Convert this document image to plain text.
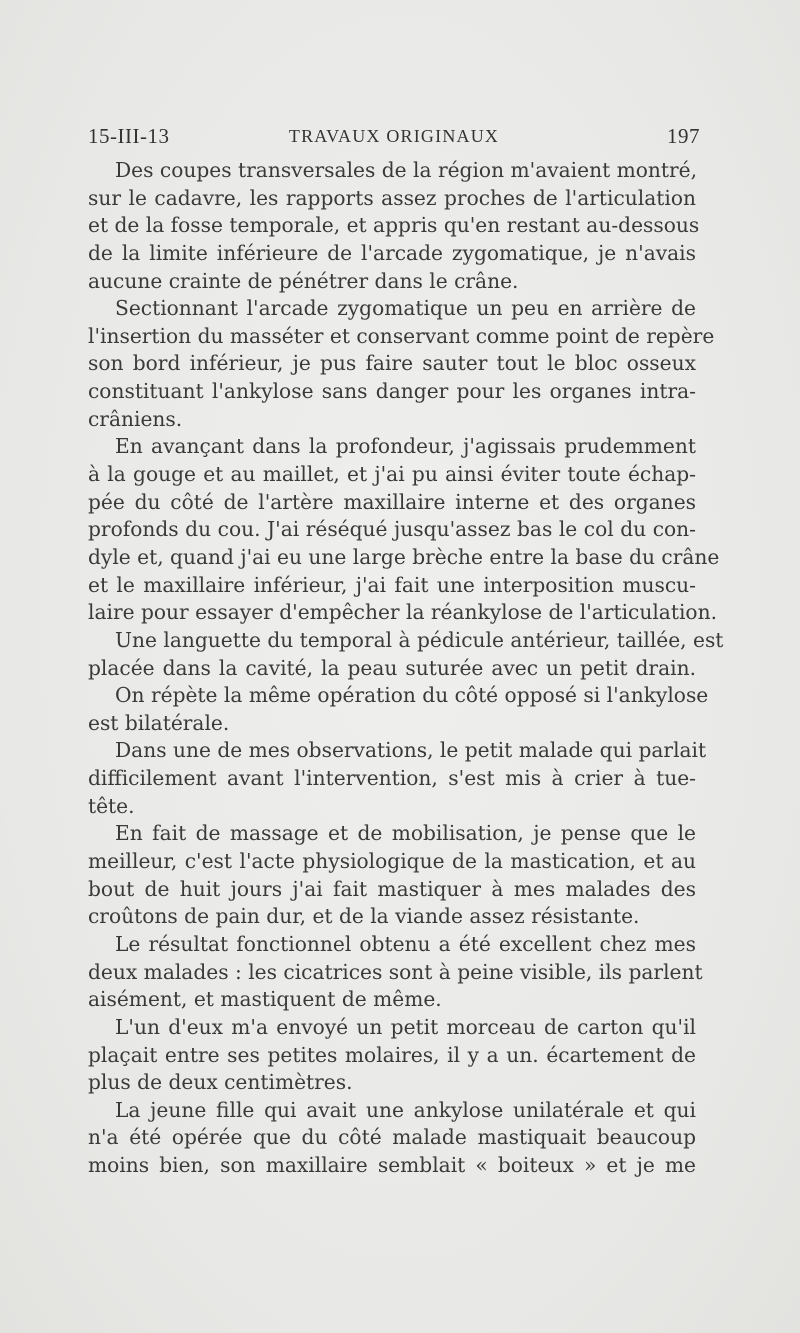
15-III-13	TRAVAUX ORIGINAUX	197
Des coupes transversales de la région m'avaient montré,
sur le cadavre, les rapports assez proches de l'articulation
et de la fosse temporale, et appris qu'en restant au-dessous
de la limite inférieure de l'arcade zygomatique, je n'avais
aucune crainte de pénétrer dans le crâne.
Sectionnant l'arcade zygomatique un peu en arrière de
l'insertion du masséter et conservant comme point de repère
son bord inférieur, je pus faire sauter tout le bloc osseux
constituant l'ankylose sans danger pour les organes intra-
crâniens.
En avançant dans la profondeur, j'agissais prudemment
à la gouge et au maillet, et j'ai pu ainsi éviter toute échap-
pée du côté de l'artère maxillaire interne et des organes
profonds du cou. J'ai réséqué jusqu'assez bas le col du con-
dyle et, quand j'ai eu une large brèche entre la base du crâne
et le maxillaire inférieur, j'ai fait une interposition muscu-
laire pour essayer d'empêcher la réankylose de l'articulation.
Une languette du temporal à pédicule antérieur, taillée, est
placée dans la cavité, la peau suturée avec un petit drain.
On répète la même opération du côté opposé si l'ankylose
est bilatérale.
Dans une de mes observations, le petit malade qui parlait
difficilement avant l'intervention, s'est mis à crier à tue-
tête.
En fait de massage et de mobilisation, je pense que le
meilleur, c'est l'acte physiologique de la mastication, et au
bout de huit jours j'ai fait mastiquer à mes malades des
croûtons de pain dur, et de la viande assez résistante.
Le résultat fonctionnel obtenu a été excellent chez mes
deux malades : les cicatrices sont à peine visible, ils parlent
aisément, et mastiquent de même.
L'un d'eux m'a envoyé un petit morceau de carton qu'il
plaçait entre ses petites molaires, il y a un. écartement de
plus de deux centimètres.
La jeune fille qui avait une ankylose unilatérale et qui
n'a été opérée que du côté malade mastiquait beaucoup
moins bien, son maxillaire semblait « boiteux » et je me
